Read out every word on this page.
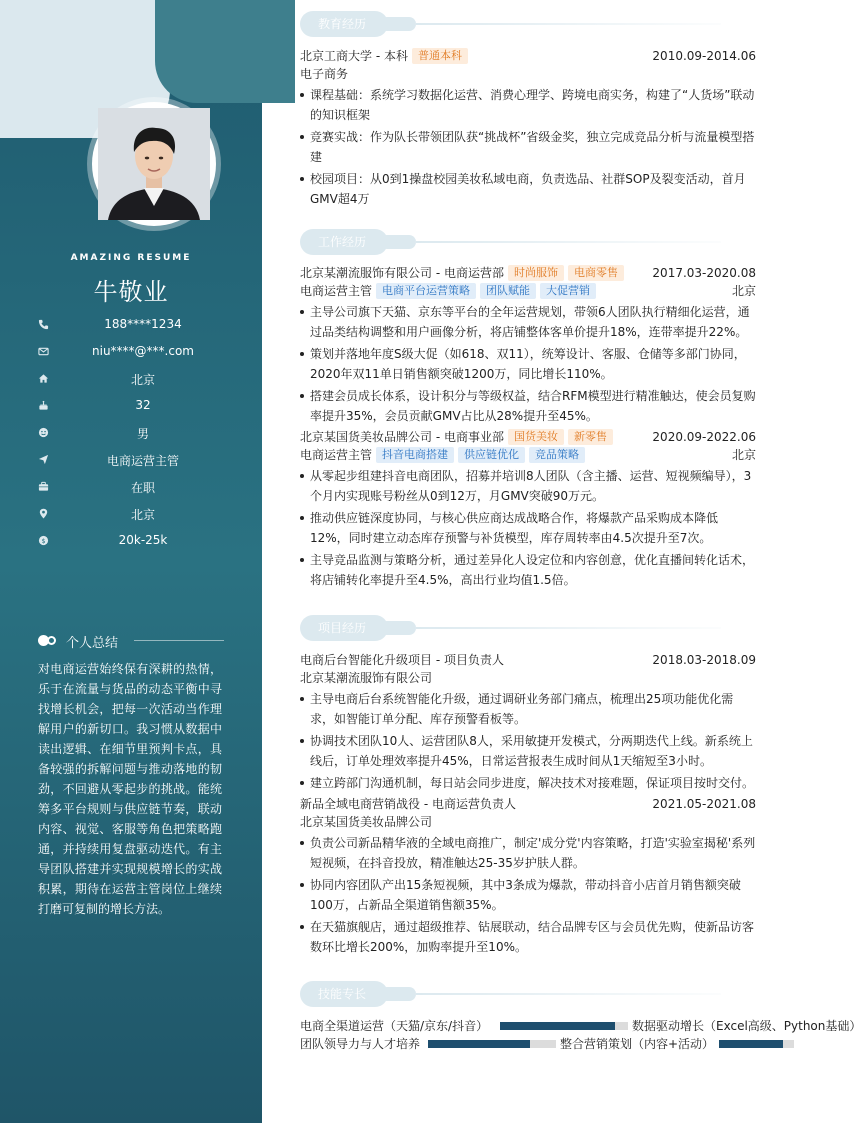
AMAZING RESUME
牛敬业
188****1234
niu****@***.com
北京
32
男
电商运营主管
在职
北京
$	20k-25k
个人总结
对电商运营始终保有深耕的热情，乐于在流量与货品的动态平衡中寻找增长机会，把每一次活动当作理解用户的新切口。我习惯从数据中读出逻辑、在细节里预判卡点，具备较强的拆解问题与推动落地的韧劲，不回避从零起步的挑战。能统筹多平台规则与供应链节奏，联动内容、视觉、客服等角色把策略跑通，并持续用复盘驱动迭代。有主导团队搭建并实现规模增长的实战积累，期待在运营主管岗位上继续打磨可复制的增长方法。
教育经历
北京工商大学 - 本科 普通本科	2010.09-2014.06
电子商务
课程基础：系统学习数据化运营、消费心理学、跨境电商实务，构建了“人货场”联动的知识框架
竞赛实战：作为队长带领团队获“挑战杯”省级金奖，独立完成竞品分析与流量模型搭建
校园项目：从0到1操盘校园美妆私域电商，负责选品、社群SOP及裂变活动，首月GMV超4万
工作经历
北京某潮流服饰有限公司 - 电商运营部 时尚服饰 电商零售	2017.03-2020.08
电商运营主管 电商平台运营策略 团队赋能 大促营销	北京
主导公司旗下天猫、京东等平台的全年运营规划，带领6人团队执行精细化运营，通过品类结构调整和用户画像分析，将店铺整体客单价提升18%，连带率提升22%。
策划并落地年度S级大促（如618、双11），统筹设计、客服、仓储等多部门协同，2020年双11单日销售额突破1200万，同比增长110%。
搭建会员成长体系，设计积分与等级权益，结合RFM模型进行精准触达，使会员复购率提升35%，会员贡献GMV占比从28%提升至45%。
北京某国货美妆品牌公司 - 电商事业部 国货美妆 新零售	2020.09-2022.06
电商运营主管 抖音电商搭建 供应链优化 竞品策略	北京
从零起步组建抖音电商团队，招募并培训8人团队（含主播、运营、短视频编导），3个月内实现账号粉丝从0到12万，月GMV突破90万元。
推动供应链深度协同，与核心供应商达成战略合作，将爆款产品采购成本降低12%，同时建立动态库存预警与补货模型，库存周转率由4.5次提升至7次。
主导竞品监测与策略分析，通过差异化人设定位和内容创意，优化直播间转化话术，将店铺转化率提升至4.5%，高出行业均值1.5倍。
项目经历
电商后台智能化升级项目 - 项目负责人	2018.03-2018.09
北京某潮流服饰有限公司
主导电商后台系统智能化升级，通过调研业务部门痛点，梳理出25项功能优化需求，如智能订单分配、库存预警看板等。
协调技术团队10人、运营团队8人，采用敏捷开发模式，分两期迭代上线。新系统上线后，订单处理效率提升45%，日常运营报表生成时间从1天缩短至3小时。
建立跨部门沟通机制，每日站会同步进度，解决技术对接难题，保证项目按时交付。
新品全域电商营销战役 - 电商运营负责人	2021.05-2021.08
北京某国货美妆品牌公司
负责公司新品精华液的全域电商推广，制定'成分党'内容策略，打造'实验室揭秘'系列短视频，在抖音投放，精准触达25-35岁护肤人群。
协同内容团队产出15条短视频，其中3条成为爆款，带动抖音小店首月销售额突破100万，占新品全渠道销售额35%。
在天猫旗舰店，通过超级推荐、钻展联动，结合品牌专区与会员优先购，使新品访客数环比增长200%，加购率提升至10%。
技能专长
电商全渠道运营（天猫/京东/抖音）	数据驱动增长（Excel高级、Python基础）
团队领导力与人才培养	整合营销策划（内容+活动）
